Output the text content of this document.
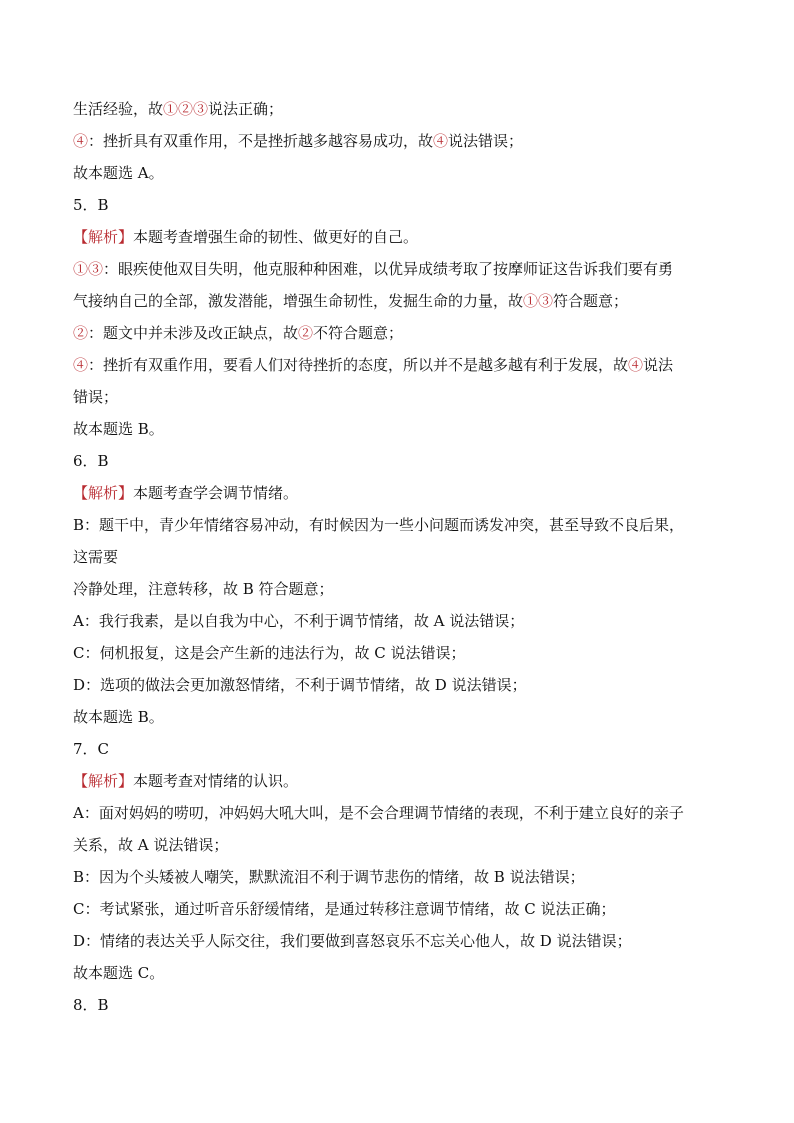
生活经验，故①②③说法正确；
④：挫折具有双重作用，不是挫折越多越容易成功，故④说法错误；
故本题选 A。
5．B
【解析】本题考查增强生命的韧性、做更好的自己。
①③：眼疾使他双目失明，他克服种种困难，以优异成绩考取了按摩师证这告诉我们要有勇
气接纳自己的全部，激发潜能，增强生命韧性，发掘生命的力量，故①③符合题意；
②：题文中并未涉及改正缺点，故②不符合题意；
④：挫折有双重作用，要看人们对待挫折的态度，所以并不是越多越有利于发展，故④说法
错误；
故本题选 B。
6．B
【解析】本题考查学会调节情绪。
B：题干中，青少年情绪容易冲动，有时候因为一些小问题而诱发冲突，甚至导致不良后果，
这需要
冷静处理，注意转移，故 B 符合题意；
A：我行我素，是以自我为中心，不利于调节情绪，故 A 说法错误；
C：伺机报复，这是会产生新的违法行为，故 C 说法错误；
D：选项的做法会更加激怒情绪，不利于调节情绪，故 D 说法错误；
故本题选 B。
7．C
【解析】本题考查对情绪的认识。
A：面对妈妈的唠叨，冲妈妈大吼大叫，是不会合理调节情绪的表现，不利于建立良好的亲子
关系，故 A 说法错误；
B：因为个头矮被人嘲笑，默默流泪不利于调节悲伤的情绪，故 B 说法错误；
C：考试紧张，通过听音乐舒缓情绪，是通过转移注意调节情绪，故 C 说法正确；
D：情绪的表达关乎人际交往，我们要做到喜怒哀乐不忘关心他人，故 D 说法错误；
故本题选 C。
8．B
